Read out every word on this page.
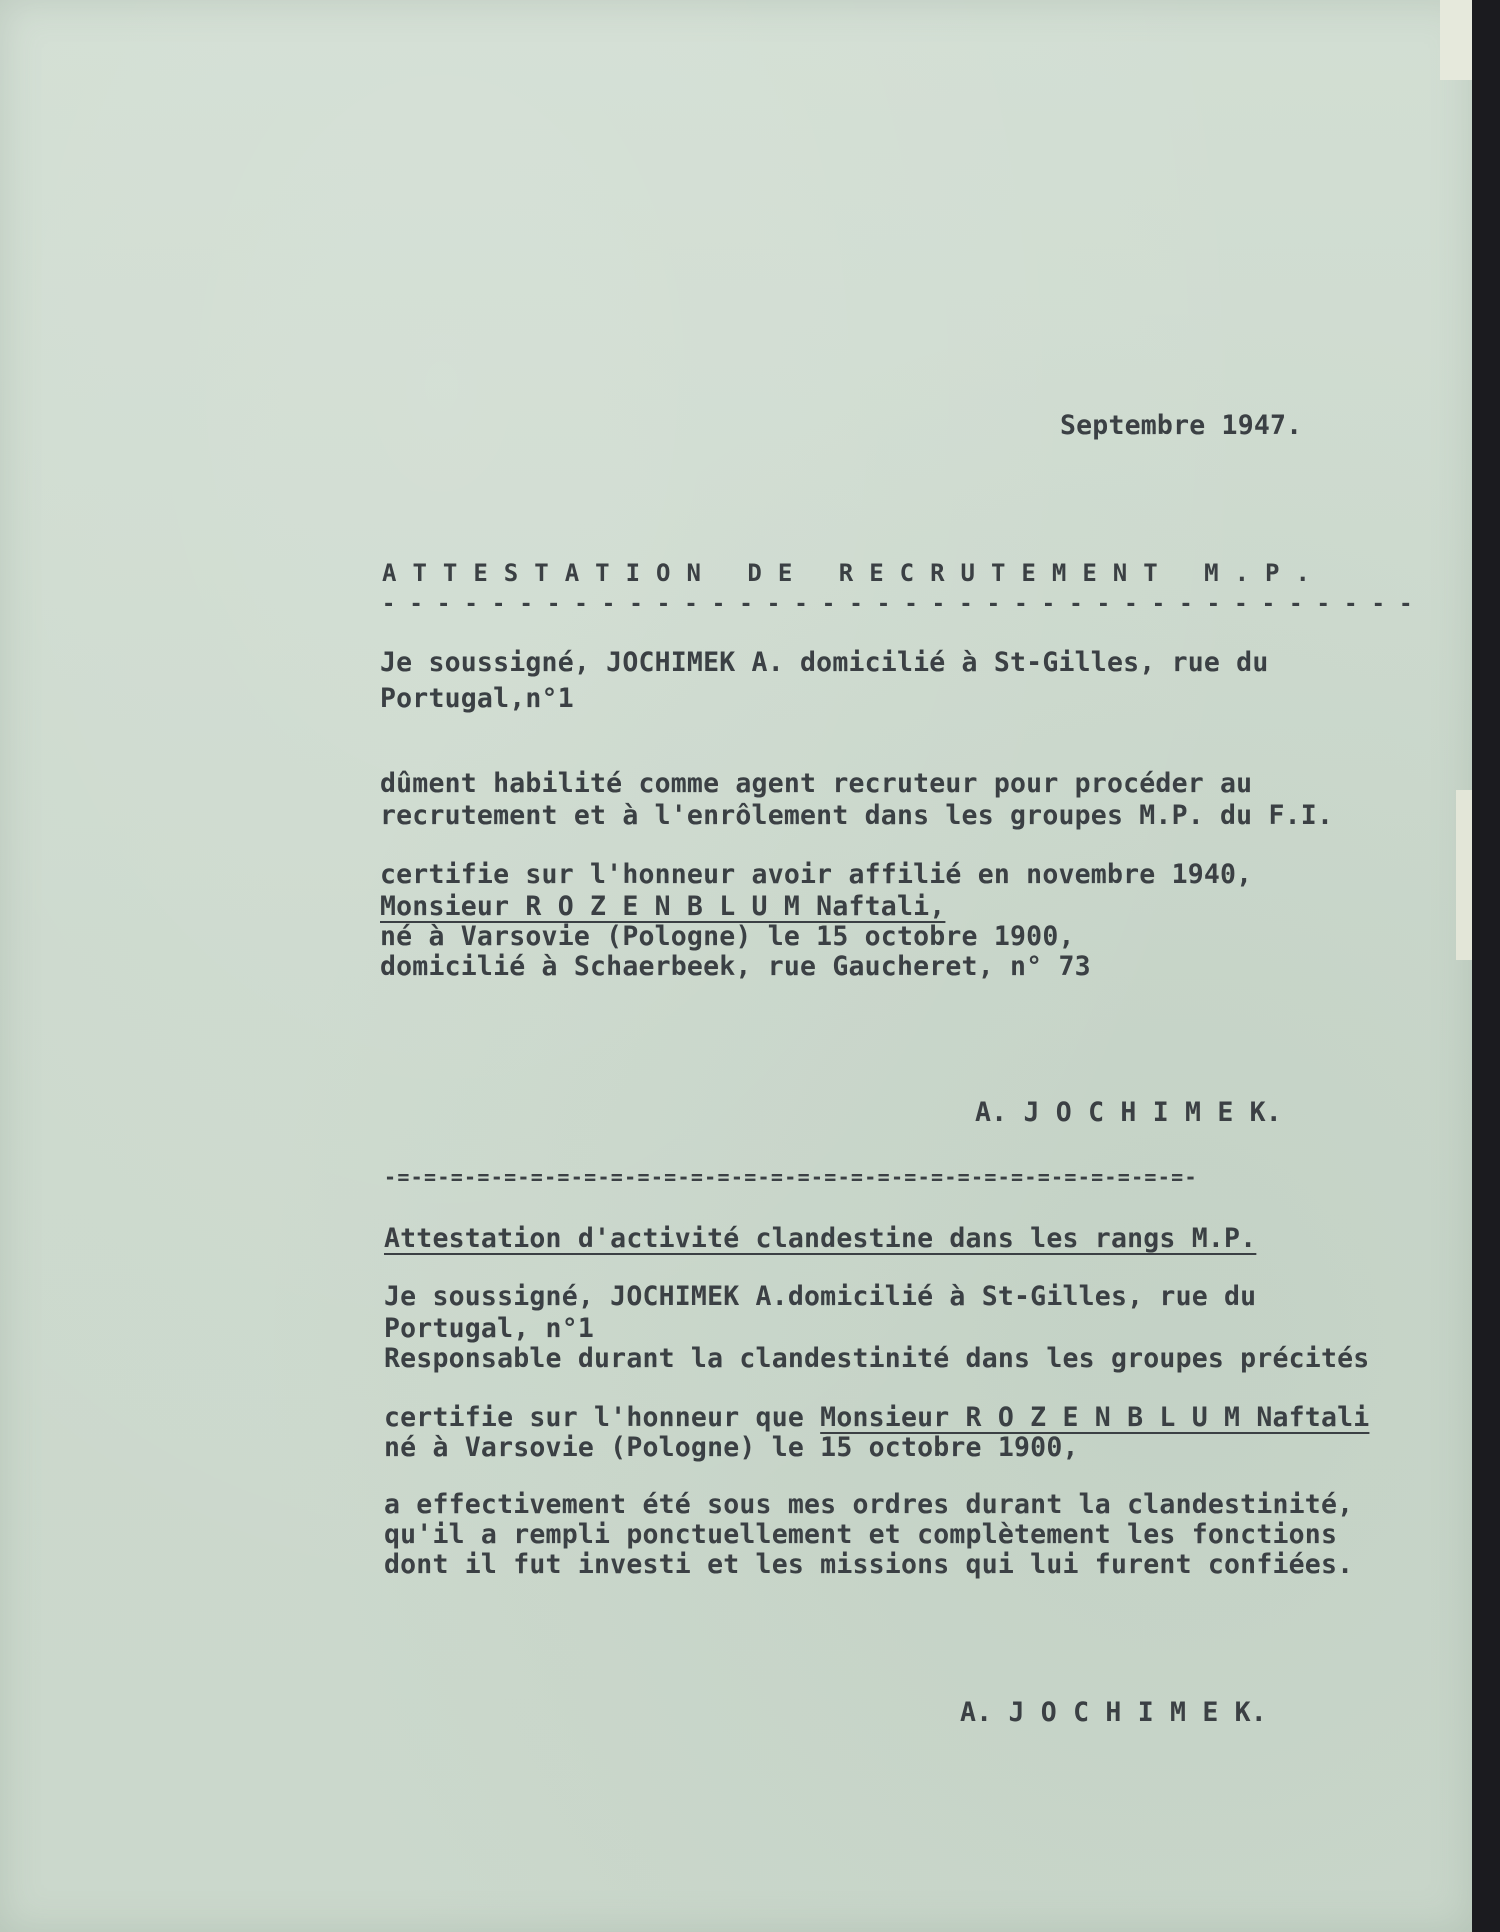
Septembre 1947.

ATTESTATION DE RECRUTEMENT M.P.

- - - - - - - - - - - - - - - - - - - - - - - - - - - - - - - - - - - - - -

Je soussigné, JOCHIMEK A. domicilié à St-Gilles, rue du

Portugal,n°1

dûment habilité comme agent recruteur pour procéder au

recrutement et à l'enrôlement dans les groupes M.P. du F.I.

certifie sur l'honneur avoir affilié en novembre 1940,

Monsieur R O Z E N B L U M Naftali,

né à Varsovie (Pologne) le 15 octobre 1900,

domicilié à Schaerbeek, rue Gaucheret, n° 73

A. J O C H I M E K.

-=-=-=-=-=-=-=-=-=-=-=-=-=-=-=-=-=-=-=-=-=-=-=-=-=-=-=-=-=-=-

Attestation d'activité clandestine dans les rangs M.P.

Je soussigné, JOCHIMEK A.domicilié à St-Gilles, rue du

Portugal, n°1

Responsable durant la clandestinité dans les groupes précités

certifie sur l'honneur que Monsieur R O Z E N B L U M Naftali

né à Varsovie (Pologne) le 15 octobre 1900,

a effectivement été sous mes ordres durant la clandestinité,

qu'il a rempli ponctuellement et complètement les fonctions

dont il fut investi et les missions qui lui furent confiées.

A. J O C H I M E K.
